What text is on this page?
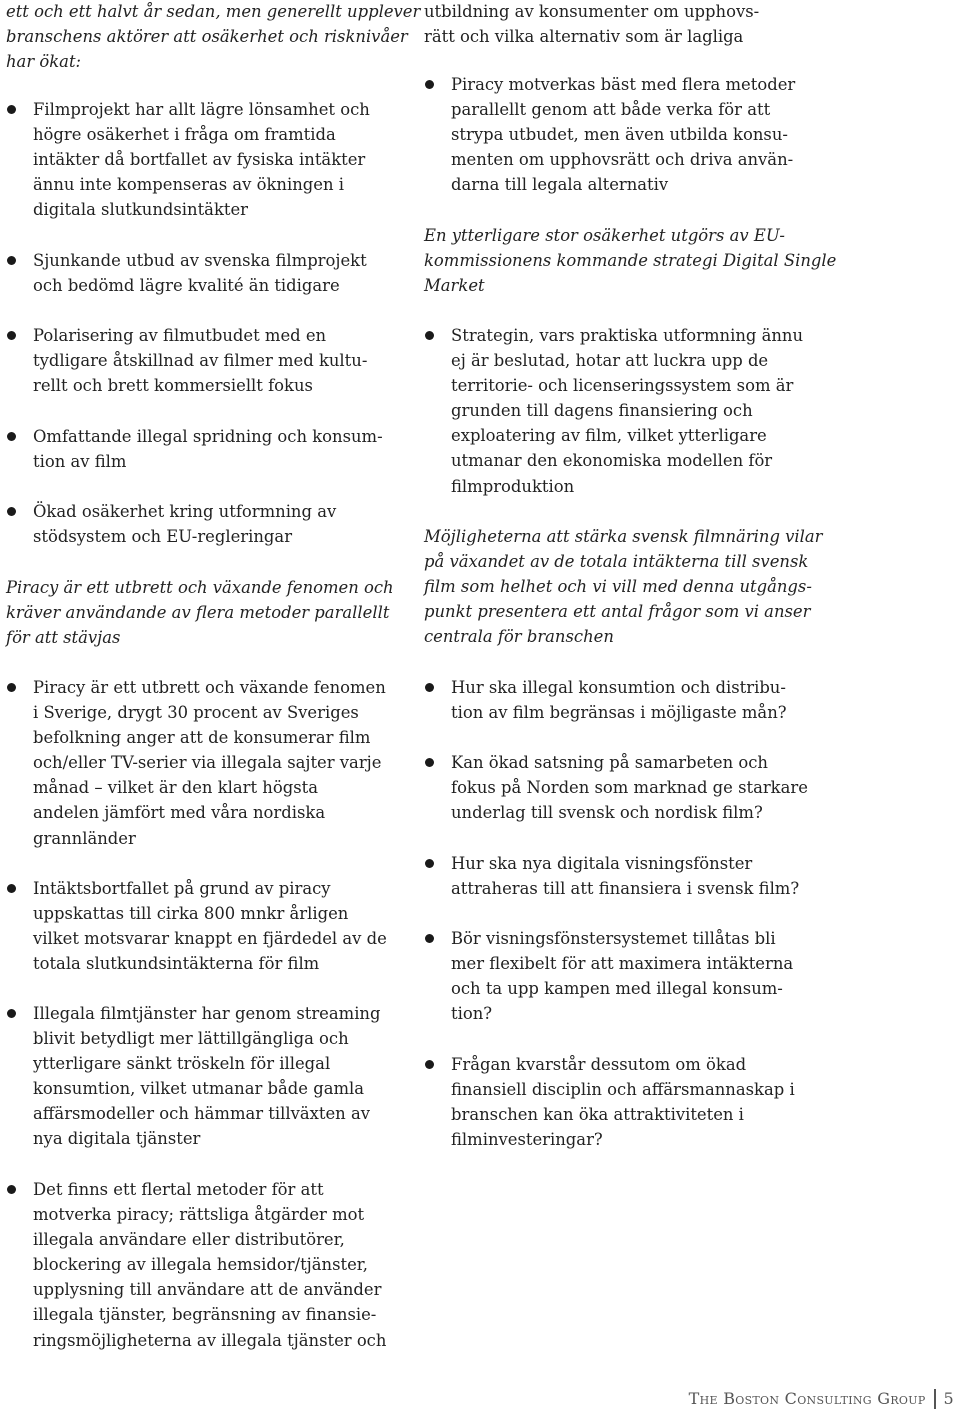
ett och ett halvt år sedan, men generellt upplever
branschens aktörer att osäkerhet och risknivåer
har ökat:
Filmprojekt har allt lägre lönsamhet och
högre osäkerhet i fråga om framtida
intäkter då bortfallet av fysiska intäkter
ännu inte kompenseras av ökningen i
digitala slutkundsintäkter
Sjunkande utbud av svenska filmprojekt
och bedömd lägre kvalité än tidigare
Polarisering av filmutbudet med en
tydligare åtskillnad av filmer med kultu-
rellt och brett kommersiellt fokus
Omfattande illegal spridning och konsum-
tion av film
Ökad osäkerhet kring utformning av
stödsystem och EU-regleringar
Piracy är ett utbrett och växande fenomen och
kräver användande av flera metoder parallellt
för att stävjas
Piracy är ett utbrett och växande fenomen
i Sverige, drygt 30 procent av Sveriges
befolkning anger att de konsumerar film
och/eller TV-serier via illegala sajter varje
månad – vilket är den klart högsta
andelen jämfört med våra nordiska
grannländer
Intäktsbortfallet på grund av piracy
uppskattas till cirka 800 mnkr årligen
vilket motsvarar knappt en fjärdedel av de
totala slutkundsintäkterna för film
Illegala filmtjänster har genom streaming
blivit betydligt mer lättillgängliga och
ytterligare sänkt tröskeln för illegal
konsumtion, vilket utmanar både gamla
affärsmodeller och hämmar tillväxten av
nya digitala tjänster
Det finns ett flertal metoder för att
motverka piracy; rättsliga åtgärder mot
illegala användare eller distributörer,
blockering av illegala hemsidor/tjänster,
upplysning till användare att de använder
illegala tjänster, begränsning av finansie-
ringsmöjligheterna av illegala tjänster och
utbildning av konsumenter om upphovs-
rätt och vilka alternativ som är lagliga
Piracy motverkas bäst med flera metoder
parallellt genom att både verka för att
strypa utbudet, men även utbilda konsu-
menten om upphovsrätt och driva använ-
darna till legala alternativ
En ytterligare stor osäkerhet utgörs av EU-
kommissionens kommande strategi Digital Single
Market
Strategin, vars praktiska utformning ännu
ej är beslutad, hotar att luckra upp de
territorie- och licenseringssystem som är
grunden till dagens finansiering och
exploatering av film, vilket ytterligare
utmanar den ekonomiska modellen för
filmproduktion
Möjligheterna att stärka svensk filmnäring vilar
på växandet av de totala intäkterna till svensk
film som helhet och vi vill med denna utgångs-
punkt presentera ett antal frågor som vi anser
centrala för branschen
Hur ska illegal konsumtion och distribu-
tion av film begränsas i möjligaste mån?
Kan ökad satsning på samarbeten och
fokus på Norden som marknad ge starkare
underlag till svensk och nordisk film?
Hur ska nya digitala visningsfönster
attraheras till att finansiera i svensk film?
Bör visningsfönstersystemet tillåtas bli
mer flexibelt för att maximera intäkterna
och ta upp kampen med illegal konsum-
tion?
Frågan kvarstår dessutom om ökad
finansiell disciplin och affärsmannaskap i
branschen kan öka attraktiviteten i
filminvesteringar?
The Boston Consulting Group 5
